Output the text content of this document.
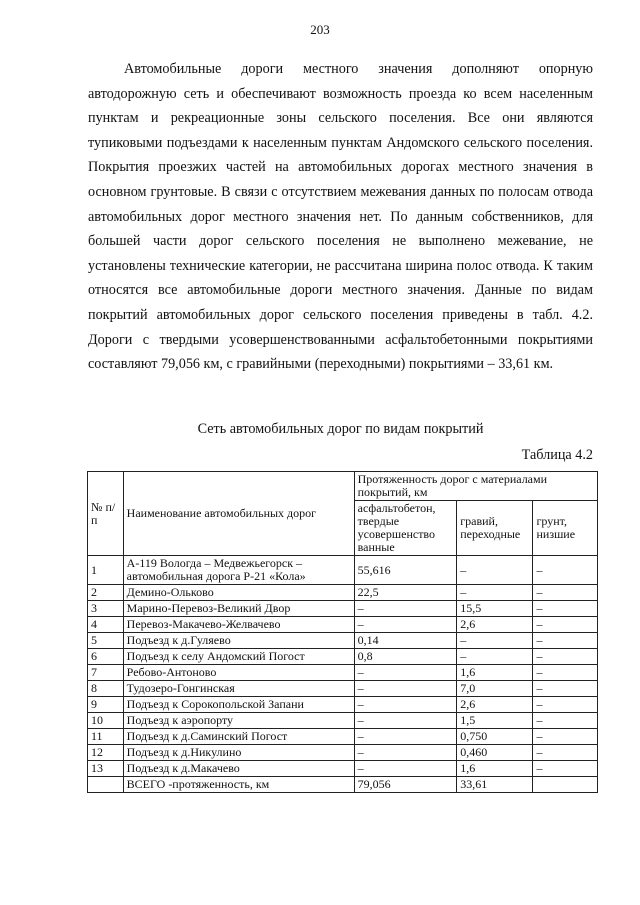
203

Автомобильные дороги местного значения дополняют опорную автодорожную сеть и обеспечивают возможность проезда ко всем населенным пунктам и рекреационные зоны сельского поселения. Все они являются тупиковыми подъездами к населенным пунктам Андомского сельского поселения. Покрытия проезжих частей на автомобильных дорогах местного значения в основном грунтовые. В связи с отсутствием межевания данных по полосам отвода автомобильных дорог местного значения нет. По данным собственников, для большей части дорог сельского поселения не выполнено межевание, не установлены технические категории, не рассчитана ширина полос отвода. К таким относятся все автомобильные дороги местного значения. Данные по видам покрытий автомобильных дорог сельского поселения приведены в табл. 4.2. Дороги с твердыми усовершенствованными асфальтобетонными покрытиями составляют 79,056 км, с гравийными (переходными) покрытиями – 33,61 км.

Сеть автомобильных дорог по видам покрытий
Таблица 4.2
№ п/п	Наименование автомобильных дорог	Протяженность дорог с материалами покрытий, км		
		асфальтобетон, твердые усовершенство ванные	гравий, переходные	грунт, низшие
1	А-119 Вологда – Медвежьегорск – автомобильная дорога Р-21 «Кола»	55,616	–	–
2	Демино-Ольково	22,5	–	–
3	Марино-Перевоз-Великий Двор	–	15,5	–
4	Перевоз-Макачево-Желвачево	–	2,6	–
5	Подъезд к д.Гуляево	0,14	–	–
6	Подъезд к селу Андомский Погост	0,8	–	–
7	Ребово-Антоново	–	1,6	–
8	Тудозеро-Гонгинская	–	7,0	–
9	Подъезд к Сорокопольской Запани	–	2,6	–
10	Подъезд к аэропорту	–	1,5	–
11	Подъезд к д.Саминский Погост	–	0,750	–
12	Подъезд к д.Никулино	–	0,460	–
13	Подъезд к д.Макачево	–	1,6	–
	ВСЕГО -протяженность, км	79,056	33,61	
